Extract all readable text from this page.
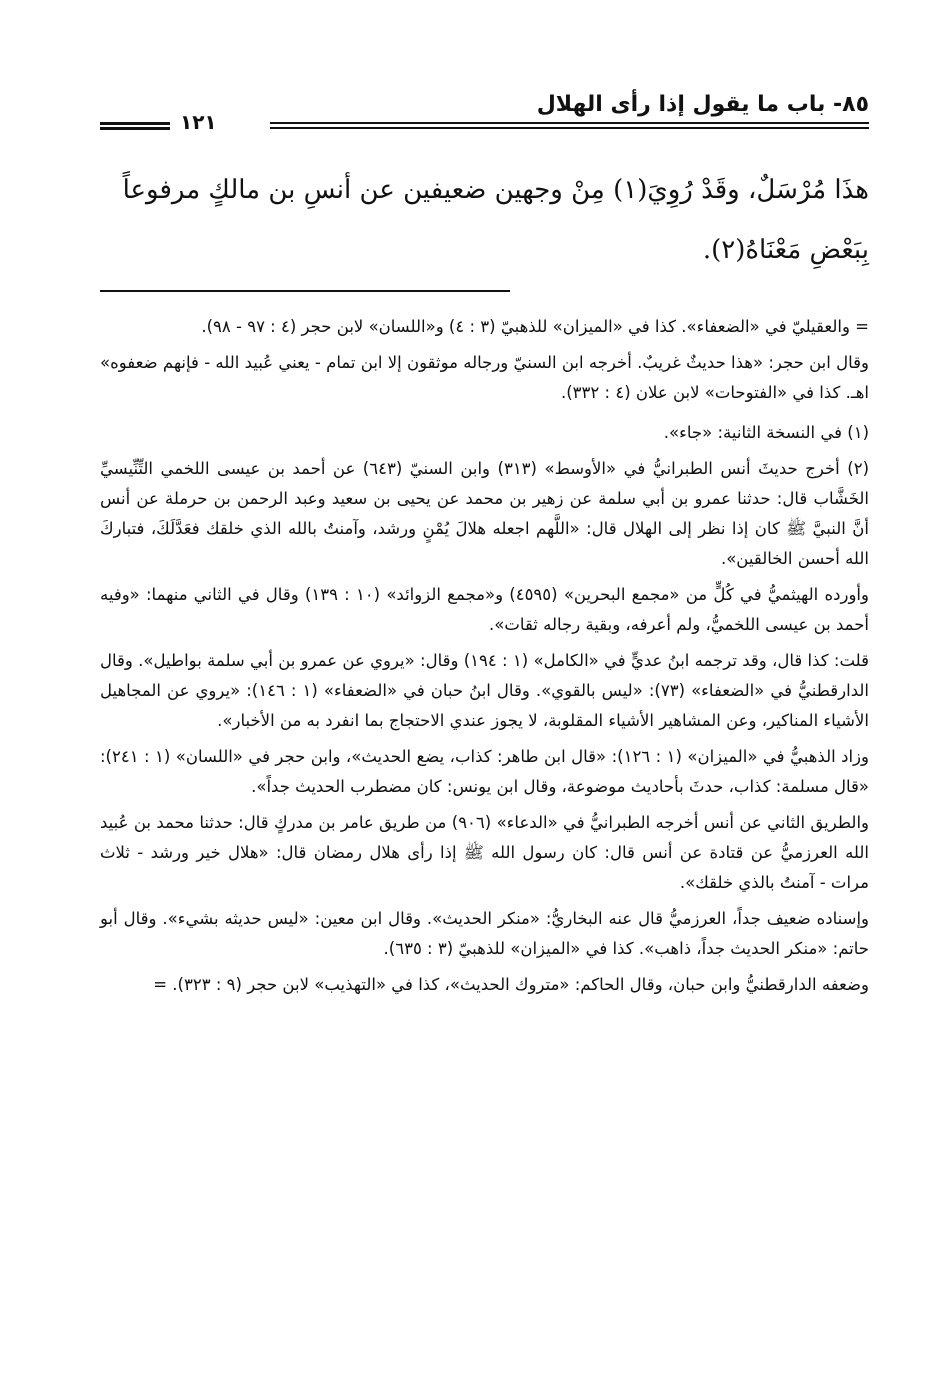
٨٥- باب ما يقول إذا رأى الهلال
١٢١

هذَا مُرْسَلٌ، وقَدْ رُوِيَ(١) مِنْ وجهين ضعيفين عن أنسِ بن مالكٍ مرفوعاً

بِبَعْضِ مَعْنَاهُ(٢).

= والعقيليّ في «الضعفاء». كذا في «الميزان» للذهبيّ (٣ : ٤) و«اللسان» لابن حجر (٤ : ٩٧ - ٩٨).

وقال ابن حجر: «هذا حديثٌ غريبٌ. أخرجه ابن السنيّ ورجاله موثقون إلا ابن تمام - يعني عُبيد الله - فإنهم ضعفوه» اهـ. كذا في «الفتوحات» لابن علان (٤ : ٣٣٢).

(١) في النسخة الثانية: «جاء».

(٢) أخرج حديثَ أنس الطبرانيُّ في «الأوسط» (٣١٣) وابن السنيّ (٦٤٣) عن أحمد بن عيسى اللخمي التِّنِّيسيِّ الخَشَّاب قال: حدثنا عمرو بن أبي سلمة عن زهير بن محمد عن يحيى بن سعيد وعبد الرحمن بن حرملة عن أنس أنَّ النبيَّ ﷺ كان إذا نظر إلى الهلال قال: «اللَّهم اجعله هلالَ يُمْنٍ ورشد، وآمنتُ بالله الذي خلقك فعَدَّلَكَ، فتباركَ الله أحسن الخالقين».

وأورده الهيثميُّ في كُلٍّ من «مجمع البحرين» (٤٥٩٥) و«مجمع الزوائد» (١٠ : ١٣٩) وقال في الثاني منهما: «وفيه أحمد بن عيسى اللخميُّ، ولم أعرفه، وبقية رجاله ثقات».

قلت: كذا قال، وقد ترجمه ابنُ عديٍّ في «الكامل» (١ : ١٩٤) وقال: «يروي عن عمرو بن أبي سلمة بواطيل». وقال الدارقطنيُّ في «الضعفاء» (٧٣): «ليس بالقوي». وقال ابنُ حبان في «الضعفاء» (١ : ١٤٦): «يروي عن المجاهيل الأشياء المناكير، وعن المشاهير الأشياء المقلوبة، لا يجوز عندي الاحتجاج بما انفرد به من الأخبار».

وزاد الذهبيُّ في «الميزان» (١ : ١٢٦): «قال ابن طاهر: كذاب، يضع الحديث»، وابن حجر في «اللسان» (١ : ٢٤١): «قال مسلمة: كذاب، حدثَ بأحاديث موضوعة، وقال ابن يونس: كان مضطرب الحديث جداً».

والطريق الثاني عن أنس أخرجه الطبرانيُّ في «الدعاء» (٩٠٦) من طريق عامر بن مدركٍ قال: حدثنا محمد بن عُبيد الله العرزميُّ عن قتادة عن أنس قال: كان رسول الله ﷺ إذا رأى هلال رمضان قال: «هلال خير ورشد - ثلاث مرات - آمنتُ بالذي خلقك».

وإسناده ضعيف جداً، العرزميُّ قال عنه البخاريُّ: «منكر الحديث». وقال ابن معين: «ليس حديثه بشيء». وقال أبو حاتم: «منكر الحديث جداً، ذاهب». كذا في «الميزان» للذهبيّ (٣ : ٦٣٥).

وضعفه الدارقطنيُّ وابن حبان، وقال الحاكم: «متروك الحديث»، كذا في «التهذيب» لابن حجر (٩ : ٣٢٣). =
